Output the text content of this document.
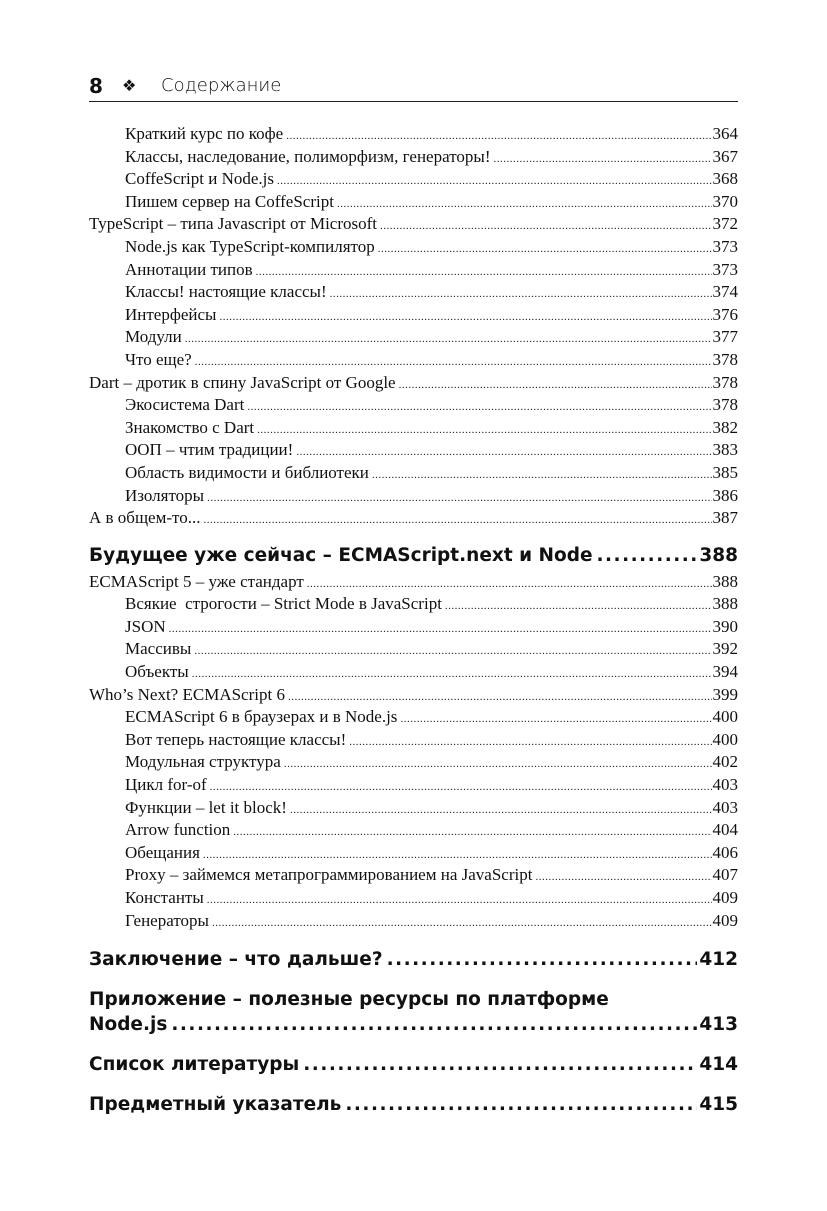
8 ❖ Содержание
Краткий курс по кофе .....	364
Классы, наследование, полиморфизм, генераторы! .....	367
CoffeScript и Node.js .....	368
Пишем сервер на CoffeScript .....	370
TypeScript – типа Javascript от Microsoft .....	372
Node.js как TypeScript-компилятор .....	373
Аннотации типов .....	373
Классы! настоящие классы! .....	374
Интерфейсы .....	376
Модули .....	377
Что еще? .....	378
Dart – дротик в спину JavaScript от Google .....	378
Экосистема Dart .....	378
Знакомство с Dart .....	382
ООП – чтим традиции! .....	383
Область видимости и библиотеки .....	385
Изоляторы .....	386
А в общем-то... .....	387
Будущее уже сейчас – ECMAScript.next и Node .....	388
ECMAScript 5 – уже стандарт .....	388
Всякие  строгости – Strict Mode в JavaScript .....	388
JSON .....	390
Массивы .....	392
Объекты .....	394
Who’s Next? ECMAScript 6 .....	399
ECMAScript 6 в браузерах и в Node.js .....	400
Вот теперь настоящие классы! .....	400
Модульная структура .....	402
Цикл for-of .....	403
Функции – let it block! .....	403
Arrow function .....	404
Обещания .....	406
Proxy – займемся метапрограммированием на JavaScript .....	407
Константы .....	409
Генераторы .....	409
Заключение – что дальше? .....	412
Приложение – полезные ресурсы по платформе
Node.js .....	413
Список литературы .....	414
Предметный указатель .....	415
